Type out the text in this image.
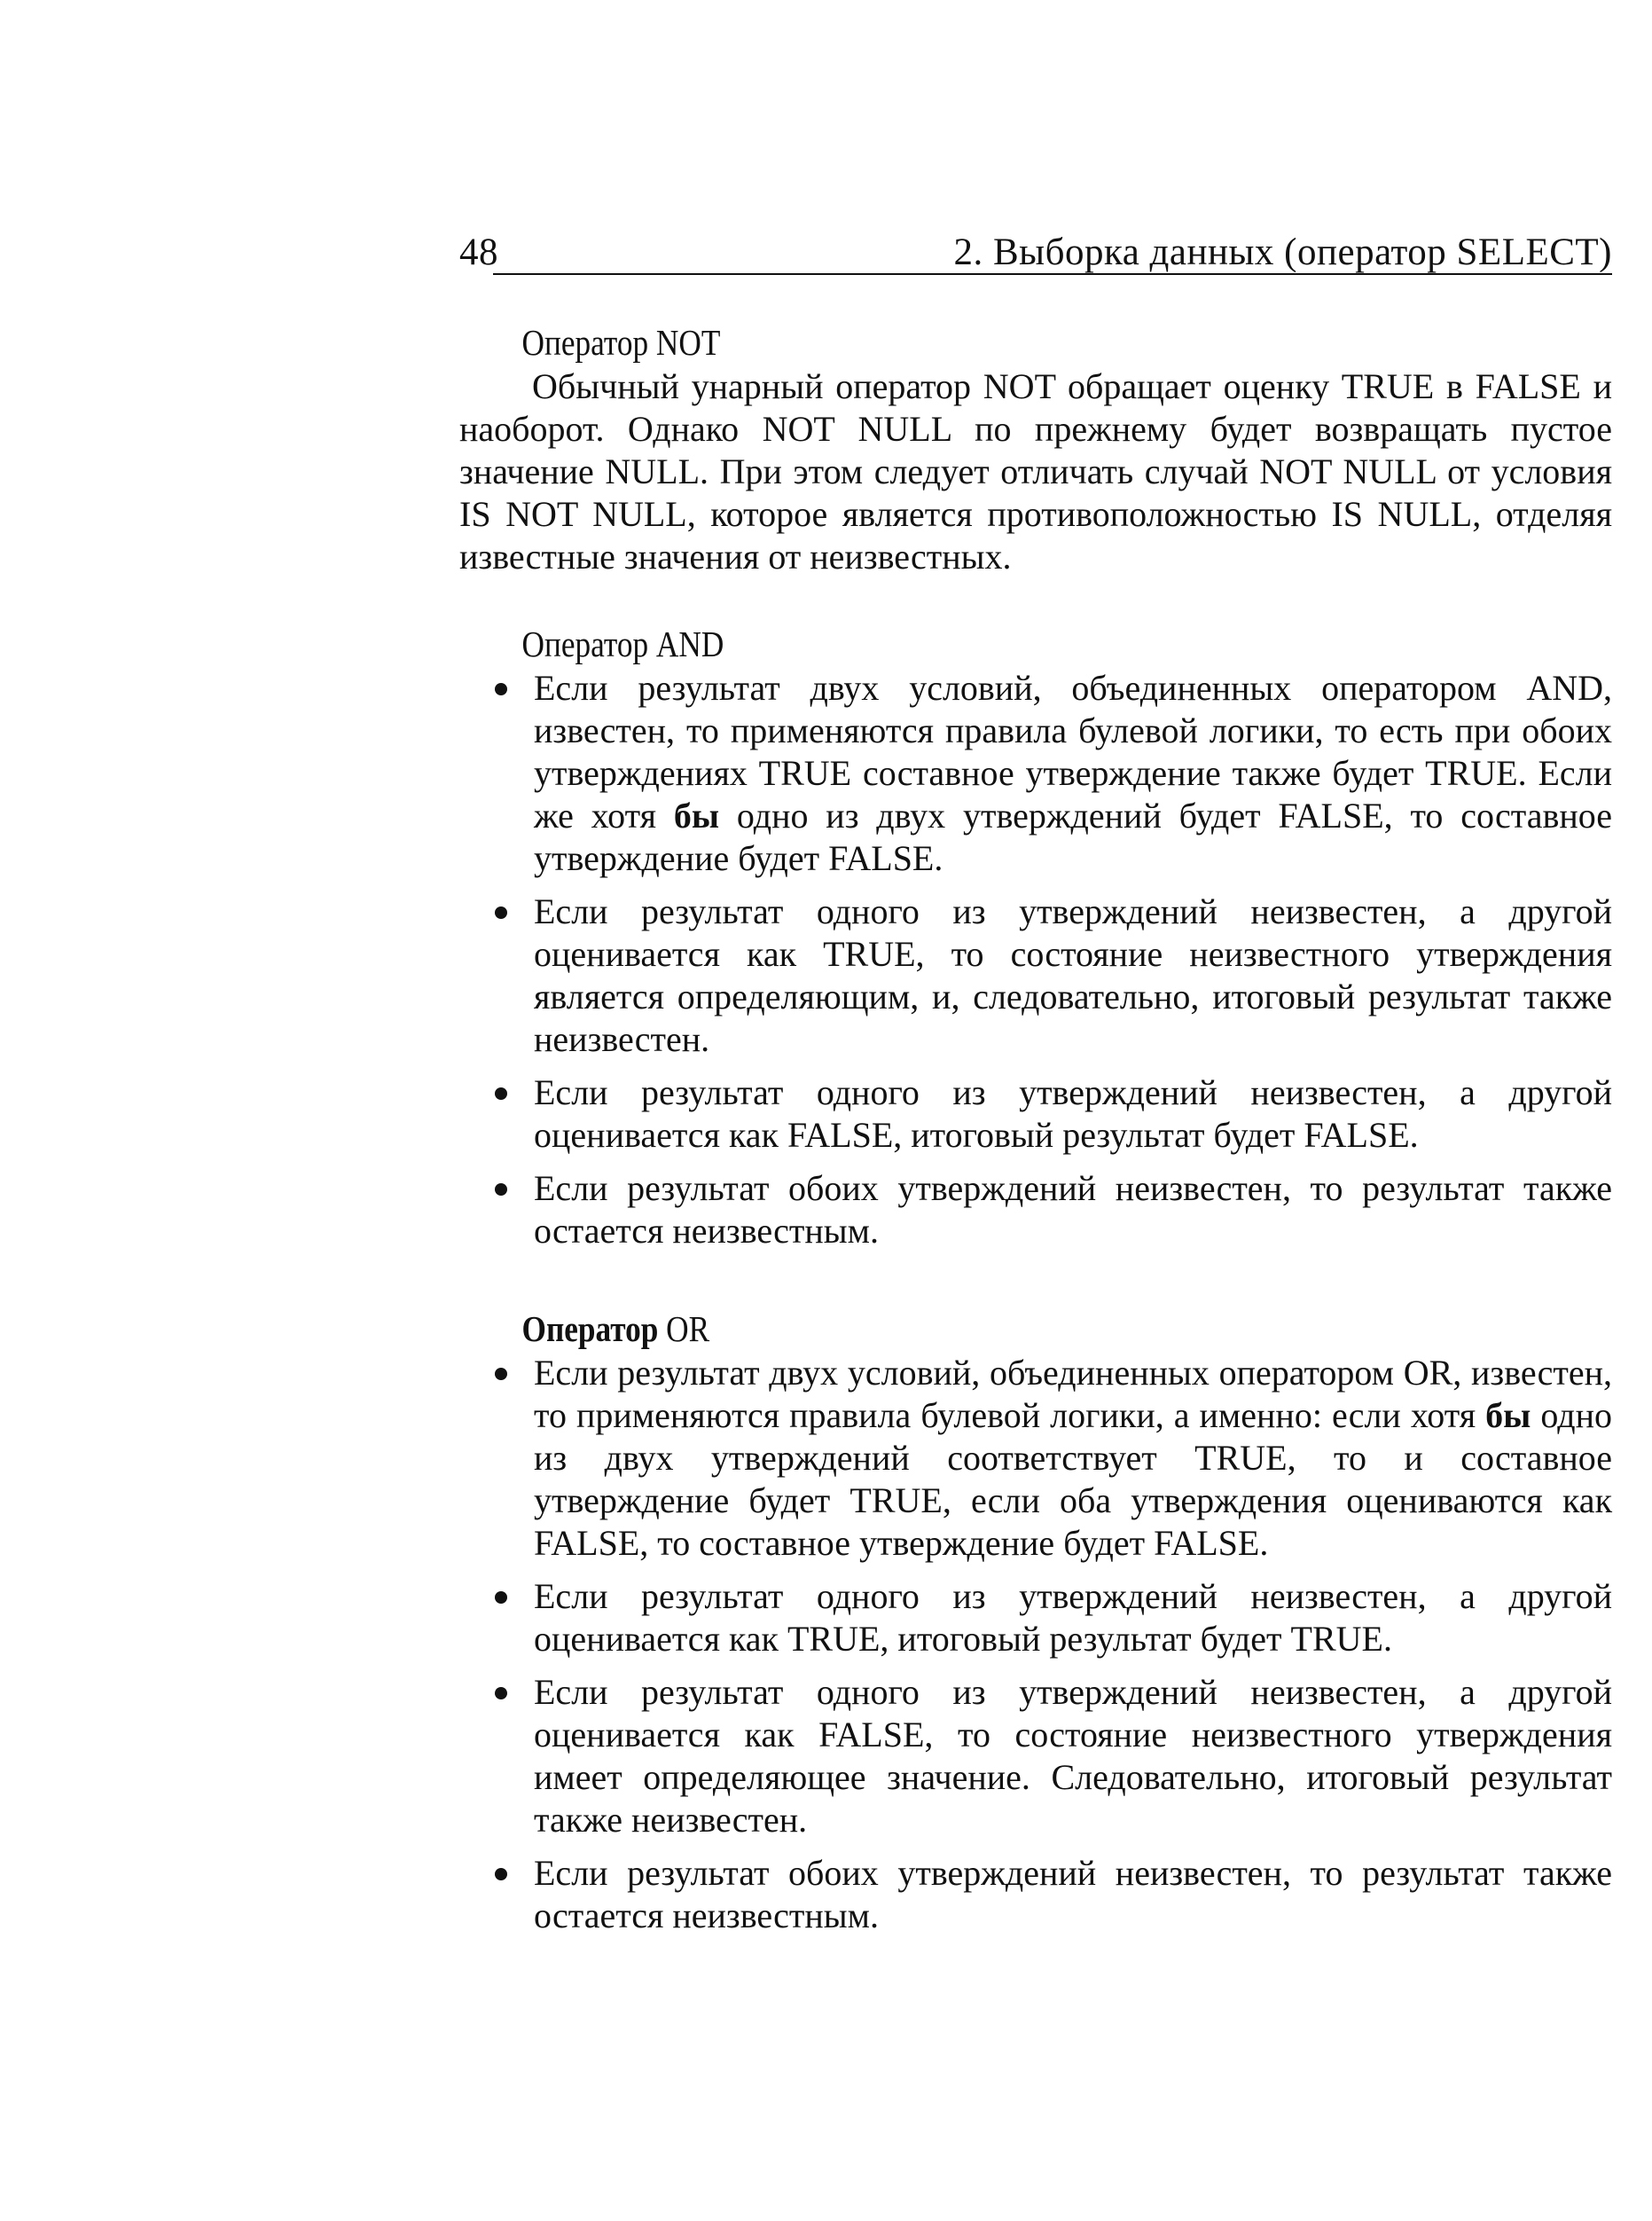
48	2. Выборка данных (оператор SELECT)
Оператор NOT

Обычный унарный оператор NOT обращает оценку TRUE в FALSE и наоборот. Однако NOT NULL по прежнему будет возвращать пустое значение NULL. При этом следует отличать случай NOT NULL от условия IS NOT NULL, которое является противоположностью IS NULL, отделяя известные значения от неизвестных.

Оператор AND
Если результат двух условий, объединенных оператором AND, известен, то применяются правила булевой логики, то есть при обоих утверждениях TRUE составное утверждение также будет TRUE. Если же хотя бы одно из двух утверждений будет FALSE, то составное утверждение будет FALSE.
Если результат одного из утверждений неизвестен, а другой оценивается как TRUE, то состояние неизвестного утверждения является определяющим, и, следовательно, итоговый результат также неизвестен.
Если результат одного из утверждений неизвестен, а другой оценивается как FALSE, итоговый результат будет FALSE.
Если результат обоих утверждений неизвестен, то результат также остается неизвестным.
Оператор OR
Если результат двух условий, объединенных оператором OR, известен, то применяются правила булевой логики, а именно: если хотя бы одно из двух утверждений соответствует TRUE, то и составное утверждение будет TRUE, если оба утверждения оцениваются как FALSE, то составное утверждение будет FALSE.
Если результат одного из утверждений неизвестен, а другой оценивается как TRUE, итоговый результат будет TRUE.
Если результат одного из утверждений неизвестен, а другой оценивается как FALSE, то состояние неизвестного утверждения имеет определяющее значение. Следовательно, итоговый результат также неизвестен.
Если результат обоих утверждений неизвестен, то результат также остается неизвестным.
